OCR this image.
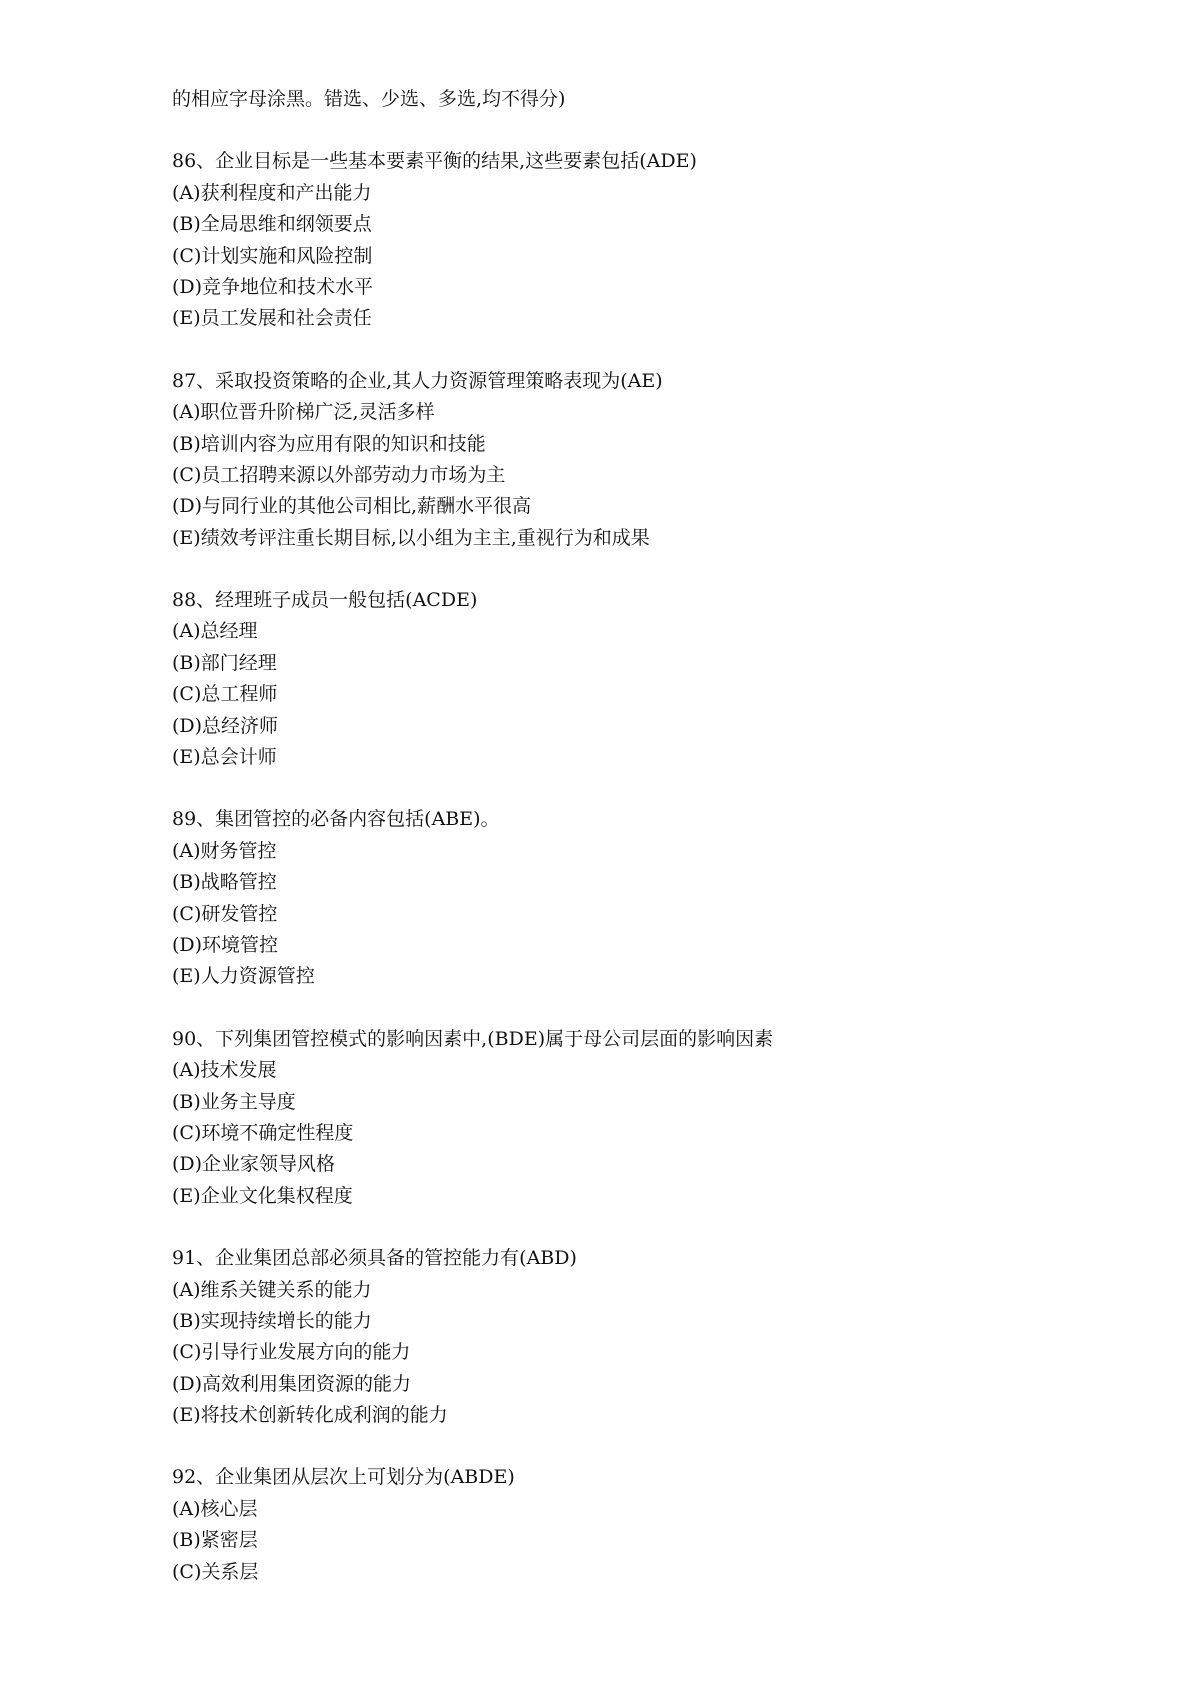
的相应字母涂黑。错选、少选、多选,均不得分)
86、企业目标是一些基本要素平衡的结果,这些要素包括(ADE)
(A)获利程度和产出能力
(B)全局思维和纲领要点
(C)计划实施和风险控制
(D)竞争地位和技术水平
(E)员工发展和社会责任
87、采取投资策略的企业,其人力资源管理策略表现为(AE)
(A)职位晋升阶梯广泛,灵活多样
(B)培训内容为应用有限的知识和技能
(C)员工招聘来源以外部劳动力市场为主
(D)与同行业的其他公司相比,薪酬水平很高
(E)绩效考评注重长期目标,以小组为主主,重视行为和成果
88、经理班子成员一般包括(ACDE)
(A)总经理
(B)部门经理
(C)总工程师
(D)总经济师
(E)总会计师
89、集团管控的必备内容包括(ABE)。
(A)财务管控
(B)战略管控
(C)研发管控
(D)环境管控
(E)人力资源管控
90、下列集团管控模式的影响因素中,(BDE)属于母公司层面的影响因素
(A)技术发展
(B)业务主导度
(C)环境不确定性程度
(D)企业家领导风格
(E)企业文化集权程度
91、企业集团总部必须具备的管控能力有(ABD)
(A)维系关键关系的能力
(B)实现持续增长的能力
(C)引导行业发展方向的能力
(D)高效利用集团资源的能力
(E)将技术创新转化成利润的能力
92、企业集团从层次上可划分为(ABDE)
(A)核心层
(B)紧密层
(C)关系层
